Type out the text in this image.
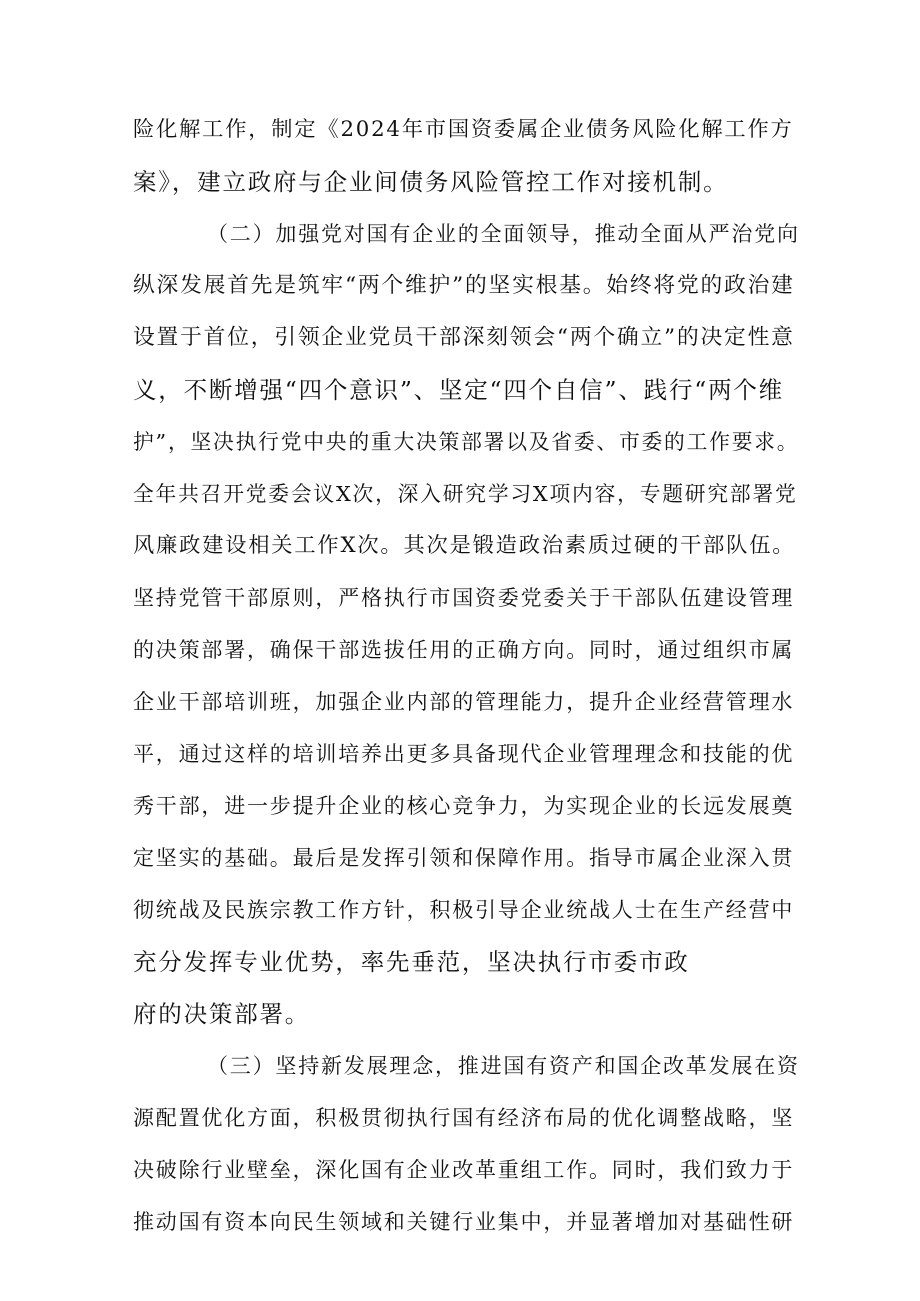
险化解工作，制定《2024年市国资委属企业债务风险化解工作方
案》，建立政府与企业间债务风险管控工作对接机制。
（二）加强党对国有企业的全面领导，推动全面从严治党向
纵深发展首先是筑牢“两个维护”的坚实根基。始终将党的政治建
设置于首位，引领企业党员干部深刻领会“两个确立”的决定性意
义，不断增强“四个意识”、坚定“四个自信”、践行“两个维
护”，坚决执行党中央的重大决策部署以及省委、市委的工作要求。
全年共召开党委会议X次，深入研究学习X项内容，专题研究部署党
风廉政建设相关工作X次。其次是锻造政治素质过硬的干部队伍。
坚持党管干部原则，严格执行市国资委党委关于干部队伍建设管理
的决策部署，确保干部选拔任用的正确方向。同时，通过组织市属
企业干部培训班，加强企业内部的管理能力，提升企业经营管理水
平，通过这样的培训培养出更多具备现代企业管理理念和技能的优
秀干部，进一步提升企业的核心竞争力，为实现企业的长远发展奠
定坚实的基础。最后是发挥引领和保障作用。指导市属企业深入贯
彻统战及民族宗教工作方针，积极引导企业统战人士在生产经营中
充分发挥专业优势，率先垂范，坚决执行市委市政
府的决策部署。
（三）坚持新发展理念，推进国有资产和国企改革发展在资
源配置优化方面，积极贯彻执行国有经济布局的优化调整战略，坚
决破除行业壁垒，深化国有企业改革重组工作。同时，我们致力于
推动国有资本向民生领域和关键行业集中，并显著增加对基础性研
